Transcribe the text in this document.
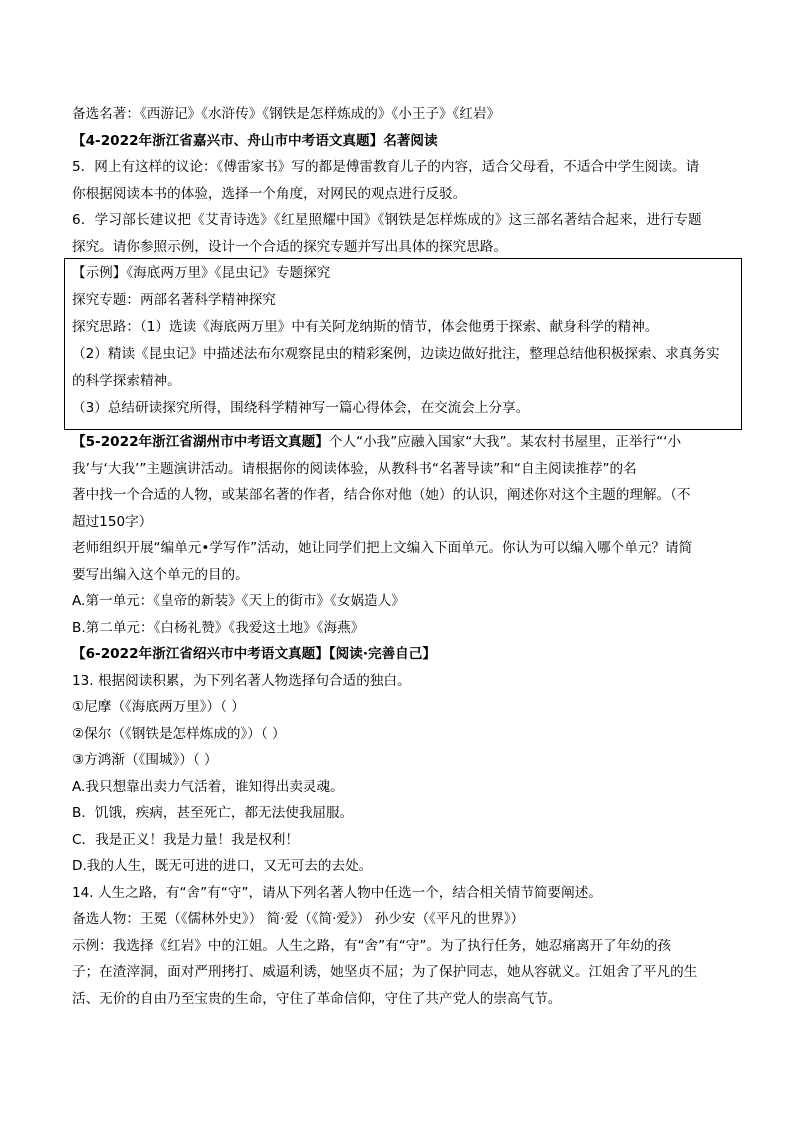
备选名著：《西游记》《水浒传》《钢铁是怎样炼成的》《小王子》《红岩》
【4-2022年浙江省嘉兴市、舟山市中考语文真题】名著阅读
5．网上有这样的议论：《傅雷家书》写的都是傅雷教育儿子的内容，适合父母看，不适合中学生阅读。请
你根据阅读本书的体验，选择一个角度，对网民的观点进行反驳。
6．学习部长建议把《艾青诗选》《红星照耀中国》《钢铁是怎样炼成的》这三部名著结合起来，进行专题
探究。请你参照示例，设计一个合适的探究专题并写出具体的探究思路。
【示例】《海底两万里》《昆虫记》专题探究
探究专题：两部名著科学精神探究
探究思路：（1）选读《海底两万里》中有关阿龙纳斯的情节，体会他勇于探索、献身科学的精神。
（2）精读《昆虫记》中描述法布尔观察昆虫的精彩案例，边读边做好批注，整理总结他积极探索、求真务实
的科学探索精神。
（3）总结研读探究所得，围绕科学精神写一篇心得体会，在交流会上分享。
【5-2022年浙江省湖州市中考语文真题】个人“小我”应融入国家“大我”。某农村书屋里，正举行“‘小
我’与‘大我’”主题演讲活动。请根据你的阅读体验，从教科书“名著导读”和“自主阅读推荐”的名
著中找一个合适的人物，或某部名著的作者，结合你对他（她）的认识，阐述你对这个主题的理解。（不
超过150字）
老师组织开展“编单元•学写作”活动，她让同学们把上文编入下面单元。你认为可以编入哪个单元？请简
要写出编入这个单元的目的。
A.第一单元：《皇帝的新装》《天上的街市》《女娲造人》
B.第二单元：《白杨礼赞》《我爱这土地》《海燕》
【6-2022年浙江省绍兴市中考语文真题】【阅读·完善自己】
13. 根据阅读积累，为下列名著人物选择句合适的独白。
①尼摩（《海底两万里》）（ ）
②保尔（《钢铁是怎样炼成的》）（ ）
③方鸿渐（《围城》）（ ）
A.我只想靠出卖力气活着，谁知得出卖灵魂。
B．饥饿，疾病，甚至死亡，都无法使我屈服。
C．我是正义！我是力量！我是权利！
D.我的人生，既无可进的进口，又无可去的去处。
14. 人生之路，有“舍”有“守”，请从下列名著人物中任选一个，结合相关情节简要阐述。
备选人物：王冕（《儒林外史》） 简·爱（《简·爱》） 孙少安（《平凡的世界》）
示例：我选择《红岩》中的江姐。人生之路，有“舍”有“守”。为了执行任务，她忍痛离开了年幼的孩
子；在渣滓洞，面对严刑拷打、威逼利诱，她坚贞不屈；为了保护同志，她从容就义。江姐舍了平凡的生
活、无价的自由乃至宝贵的生命，守住了革命信仰，守住了共产党人的崇高气节。
